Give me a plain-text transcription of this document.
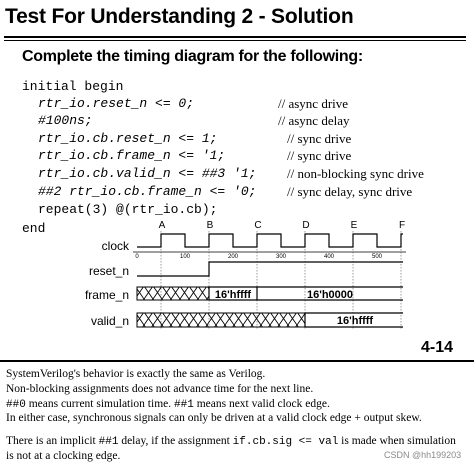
Test For Understanding 2 - Solution
Complete the timing diagram for the following:
initial begin
rtr_io.reset_n <= 0;	// async drive
#100ns;	// async delay
rtr_io.cb.reset_n <= 1;	// sync drive
rtr_io.cb.frame_n <= '1;	// sync drive
rtr_io.cb.valid_n <= ##3 '1; // non-blocking sync drive
##2 rtr_io.cb.frame_n <= '0; // sync delay, sync drive
repeat(3) @(rtr_io.cb);
end
clock
reset_n
frame_n
valid_n
A	B	C	D	E	F
0	100	200	300	400	500
16'hffff	16'h0000
16'hffff
4-14
SystemVerilog's behavior is exactly the same as Verilog.
Non-blocking assignments does not advance time for the next line.
##0 means current simulation time. ##1 means next valid clock edge.
In either case, synchronous signals can only be driven at a valid clock edge + output skew.
There is an implicit ##1 delay, if the assignment if.cb.sig <= val is made when simulation
is not at a clocking edge.	CSDN @hh199203
